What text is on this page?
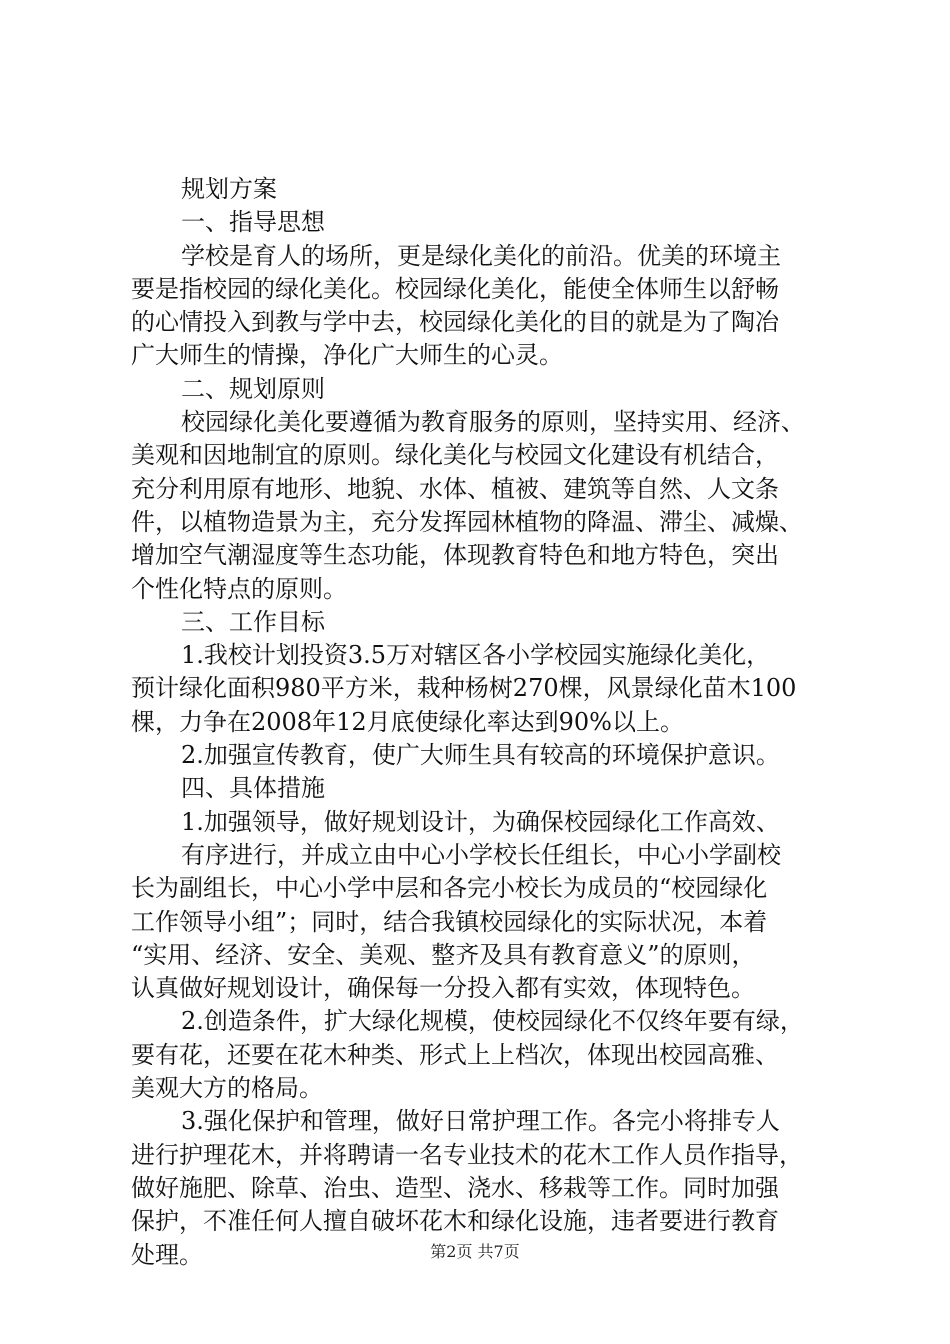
规划方案
一、指导思想
学校是育人的场所，更是绿化美化的前沿。优美的环境主
要是指校园的绿化美化。校园绿化美化，能使全体师生以舒畅
的心情投入到教与学中去，校园绿化美化的目的就是为了陶冶
广大师生的情操，净化广大师生的心灵。
二、规划原则
校园绿化美化要遵循为教育服务的原则，坚持实用、经济、
美观和因地制宜的原则。绿化美化与校园文化建设有机结合，
充分利用原有地形、地貌、水体、植被、建筑等自然、人文条
件，以植物造景为主，充分发挥园林植物的降温、滞尘、减燥、
增加空气潮湿度等生态功能，体现教育特色和地方特色，突出
个性化特点的原则。
三、工作目标
1.我校计划投资3.5万对辖区各小学校园实施绿化美化，
预计绿化面积980平方米，栽种杨树270棵，风景绿化苗木100
棵，力争在2008年12月底使绿化率达到90%以上。
2.加强宣传教育，使广大师生具有较高的环境保护意识。
四、具体措施
1.加强领导，做好规划设计，为确保校园绿化工作高效、
有序进行，并成立由中心小学校长任组长，中心小学副校
长为副组长，中心小学中层和各完小校长为成员的“校园绿化
工作领导小组”；同时，结合我镇校园绿化的实际状况，本着
“实用、经济、安全、美观、整齐及具有教育意义”的原则，
认真做好规划设计，确保每一分投入都有实效，体现特色。
2.创造条件，扩大绿化规模，使校园绿化不仅终年要有绿，
要有花，还要在花木种类、形式上上档次，体现出校园高雅、
美观大方的格局。
3.强化保护和管理，做好日常护理工作。各完小将排专人
进行护理花木，并将聘请一名专业技术的花木工作人员作指导，
做好施肥、除草、治虫、造型、浇水、移栽等工作。同时加强
保护，不准任何人擅自破坏花木和绿化设施，违者要进行教育
处理。	第2页 共7页
